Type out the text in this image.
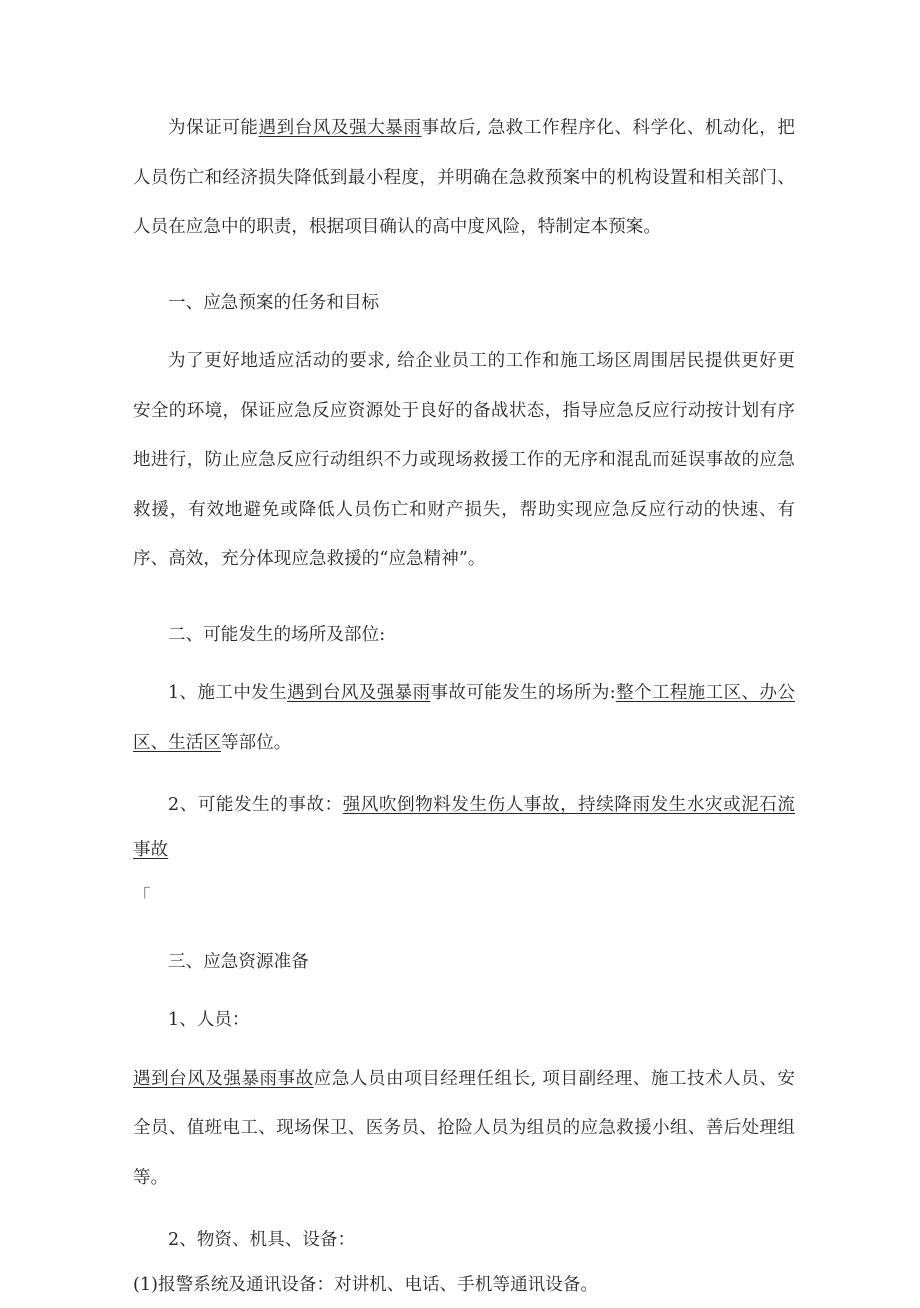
为保证可能遇到台风及强大暴雨事故后, 急救工作程序化、科学化、机动化，把人员伤亡和经济损失降低到最小程度，并明确在急救预案中的机构设置和相关部门、人员在应急中的职责，根据项目确认的高中度风险，特制定本预案。

一、应急预案的任务和目标

为了更好地适应活动的要求, 给企业员工的工作和施工场区周围居民提供更好更安全的环境，保证应急反应资源处于良好的备战状态，指导应急反应行动按计划有序地进行，防止应急反应行动组织不力或现场救援工作的无序和混乱而延误事故的应急救援，有效地避免或降低人员伤亡和财产损失，帮助实现应急反应行动的快速、有序、高效，充分体现应急救援的“应急精神”。

二、可能发生的场所及部位:

1、施工中发生遇到台风及强暴雨事故可能发生的场所为:整个工程施工区、办公区、生活区等部位。

2、可能发生的事故：强风吹倒物料发生伤人事故，持续降雨发生水灾或泥石流事故

「

三、应急资源准备

1、人员：

遇到台风及强暴雨事故应急人员由项目经理任组长, 项目副经理、施工技术人员、安全员、值班电工、现场保卫、医务员、抢险人员为组员的应急救援小组、善后处理组等。

2、物资、机具、设备：

(1)报警系统及通讯设备：对讲机、电话、手机等通讯设备。
